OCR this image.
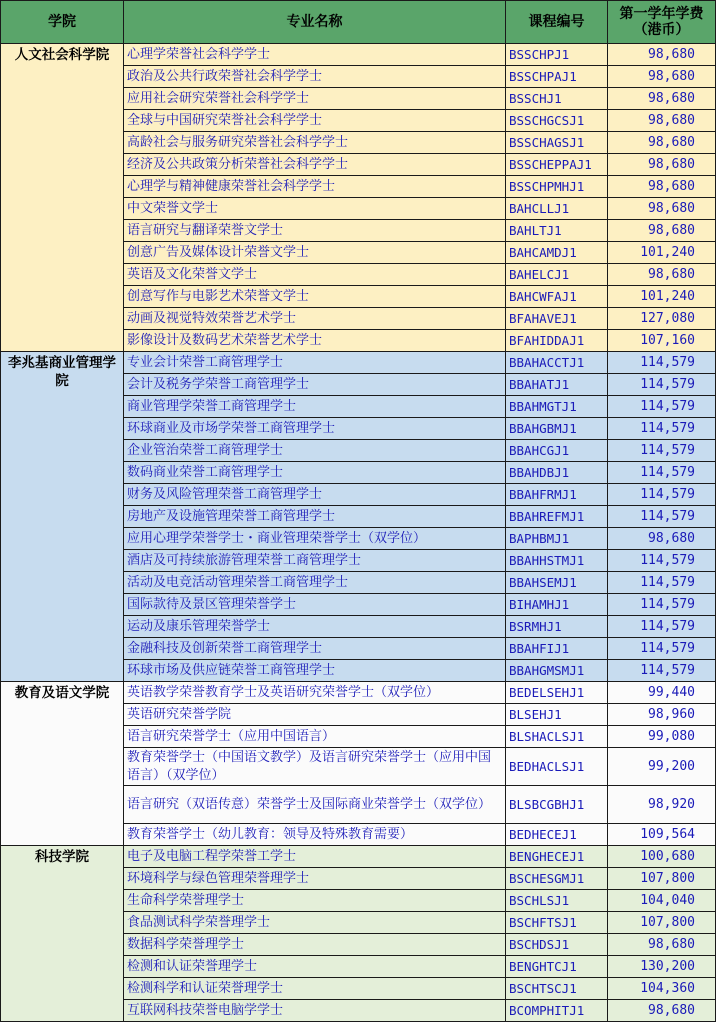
学院	专业名称	课程编号	第一学年学费
（港币）
人文社会科学院	心理学荣誉社会科学学士	BSSCHPJ1	98,680
	政治及公共行政荣誉社会科学学士	BSSCHPAJ1	98,680
	应用社会研究荣誉社会科学学士	BSSCHJ1	98,680
	全球与中国研究荣誉社会科学学士	BSSCHGCSJ1	98,680
	高龄社会与服务研究荣誉社会科学学士	BSSCHAGSJ1	98,680
	经济及公共政策分析荣誉社会科学学士	BSSCHEPPAJ1	98,680
	心理学与精神健康荣誉社会科学学士	BSSCHPMHJ1	98,680
	中文荣誉文学士	BAHCLLJ1	98,680
	语言研究与翻译荣誉文学士	BAHLTJ1	98,680
	创意广告及媒体设计荣誉文学士	BAHCAMDJ1	101,240
	英语及文化荣誉文学士	BAHELCJ1	98,680
	创意写作与电影艺术荣誉文学士	BAHCWFAJ1	101,240
	动画及视觉特效荣誉艺术学士	BFAHAVEJ1	127,080
	影像设计及数码艺术荣誉艺术学士	BFAHIDDAJ1	107,160
李兆基商业管理学院	专业会计荣誉工商管理学士	BBAHACCTJ1	114,579
	会计及税务学荣誉工商管理学士	BBAHATJ1	114,579
	商业管理学荣誉工商管理学士	BBAHMGTJ1	114,579
	环球商业及市场学荣誉工商管理学士	BBAHGBMJ1	114,579
	企业管治荣誉工商管理学士	BBAHCGJ1	114,579
	数码商业荣誉工商管理学士	BBAHDBJ1	114,579
	财务及风险管理荣誉工商管理学士	BBAHFRMJ1	114,579
	房地产及设施管理荣誉工商管理学士	BBAHREFMJ1	114,579
	应用心理学荣誉学士・商业管理荣誉学士（双学位）	BAPHBMJ1	98,680
	酒店及可持续旅游管理荣誉工商管理学士	BBAHHSTMJ1	114,579
	活动及电竞活动管理荣誉工商管理学士	BBAHSEMJ1	114,579
	国际款待及景区管理荣誉学士	BIHAMHJ1	114,579
	运动及康乐管理荣誉学士	BSRMHJ1	114,579
	金融科技及创新荣誉工商管理学士	BBAHFIJ1	114,579
	环球市场及供应链荣誉工商管理学士	BBAHGMSMJ1	114,579
教育及语文学院	英语教学荣誉教育学士及英语研究荣誉学士（双学位）	BEDELSEHJ1	99,440
	英语研究荣誉学院	BLSEHJ1	98,960
	语言研究荣誉学士（应用中国语言）	BLSHACLSJ1	99,080
	教育荣誉学士（中国语文教学）及语言研究荣誉学士（应用中国语言）（双学位）	BEDHACLSJ1	99,200
	语言研究（双语传意）荣誉学士及国际商业荣誉学士（双学位）	BLSBCGBHJ1	98,920
	教育荣誉学士（幼儿教育：领导及特殊教育需要）	BEDHECEJ1	109,564
科技学院	电子及电脑工程学荣誉工学士	BENGHECEJ1	100,680
	环境科学与绿色管理荣誉理学士	BSCHESGMJ1	107,800
	生命科学荣誉理学士	BSCHLSJ1	104,040
	食品测试科学荣誉理学士	BSCHFTSJ1	107,800
	数据科学荣誉理学士	BSCHDSJ1	98,680
	检测和认证荣誉理学士	BENGHTCJ1	130,200
	检测科学和认证荣誉理学士	BSCHTSCJ1	104,360
	互联网科技荣誉电脑学学士	BCOMPHITJ1	98,680
